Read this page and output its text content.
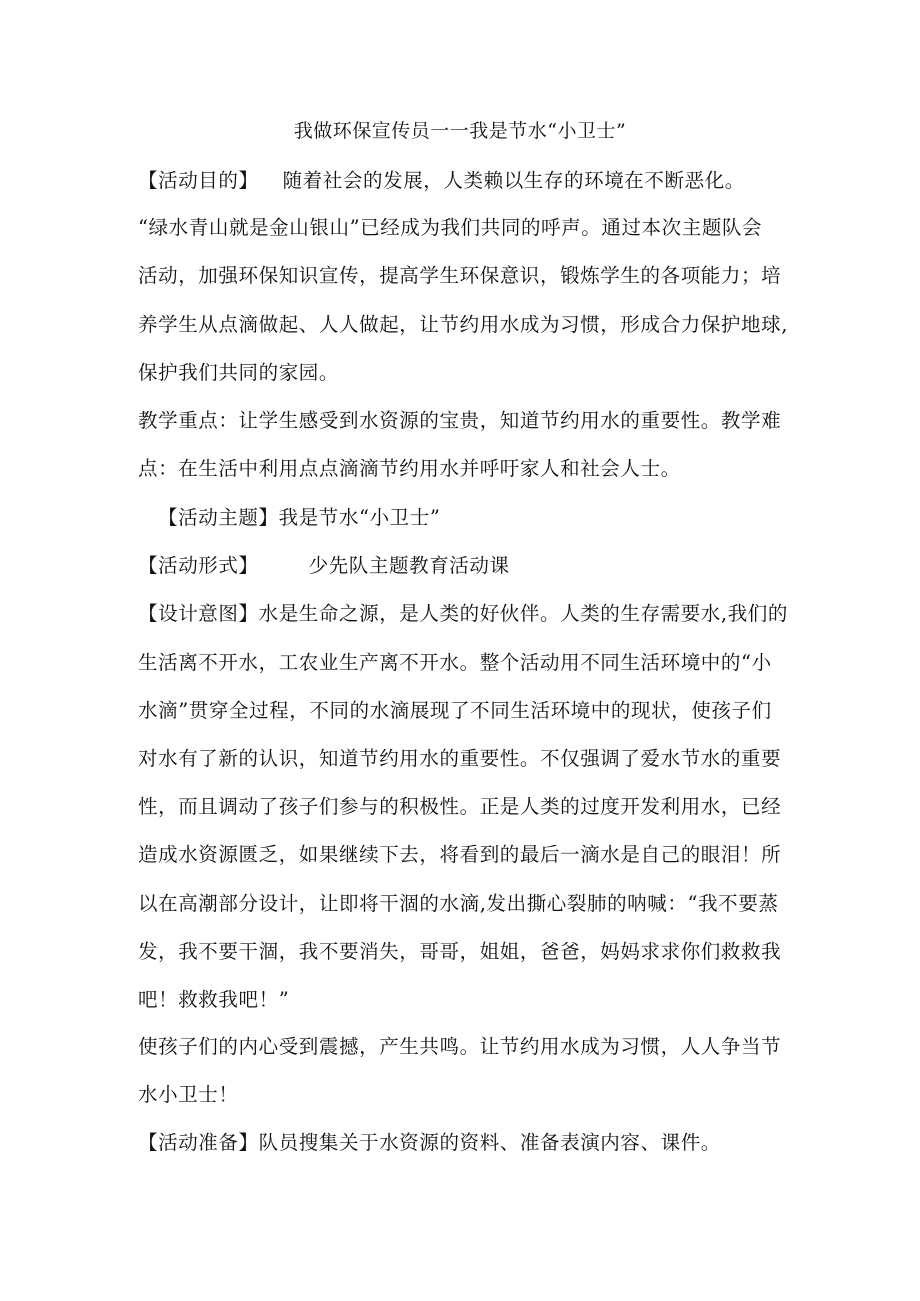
我做环保宣传员一一我是节水“小卫士”
【活动目的】 随着社会的发展，人类赖以生存的环境在不断恶化。
“绿水青山就是金山银山”已经成为我们共同的呼声。通过本次主题队会
活动，加强环保知识宣传，提高学生环保意识，锻炼学生的各项能力；培
养学生从点滴做起、人人做起，让节约用水成为习惯，形成合力保护地球,
保护我们共同的家园。
教学重点：让学生感受到水资源的宝贵，知道节约用水的重要性。教学难
点：在生活中利用点点滴滴节约用水并呼吁家人和社会人士。
【活动主题】我是节水“小卫士”
【活动形式】	少先队主题教育活动课
【设计意图】水是生命之源，是人类的好伙伴。人类的生存需要水,我们的
生活离不开水，工农业生产离不开水。整个活动用不同生活环境中的“小
水滴”贯穿全过程，不同的水滴展现了不同生活环境中的现状，使孩子们
对水有了新的认识，知道节约用水的重要性。不仅强调了爱水节水的重要
性，而且调动了孩子们参与的积极性。正是人类的过度开发利用水，已经
造成水资源匮乏，如果继续下去，将看到的最后一滴水是自己的眼泪！所
以在高潮部分设计，让即将干涸的水滴,发出撕心裂肺的呐喊：“我不要蒸
发，我不要干涸，我不要消失，哥哥，姐姐，爸爸，妈妈求求你们救救我
吧！救救我吧！”
使孩子们的内心受到震撼，产生共鸣。让节约用水成为习惯，人人争当节
水小卫士！
【活动准备】队员搜集关于水资源的资料、准备表演内容、课件。
